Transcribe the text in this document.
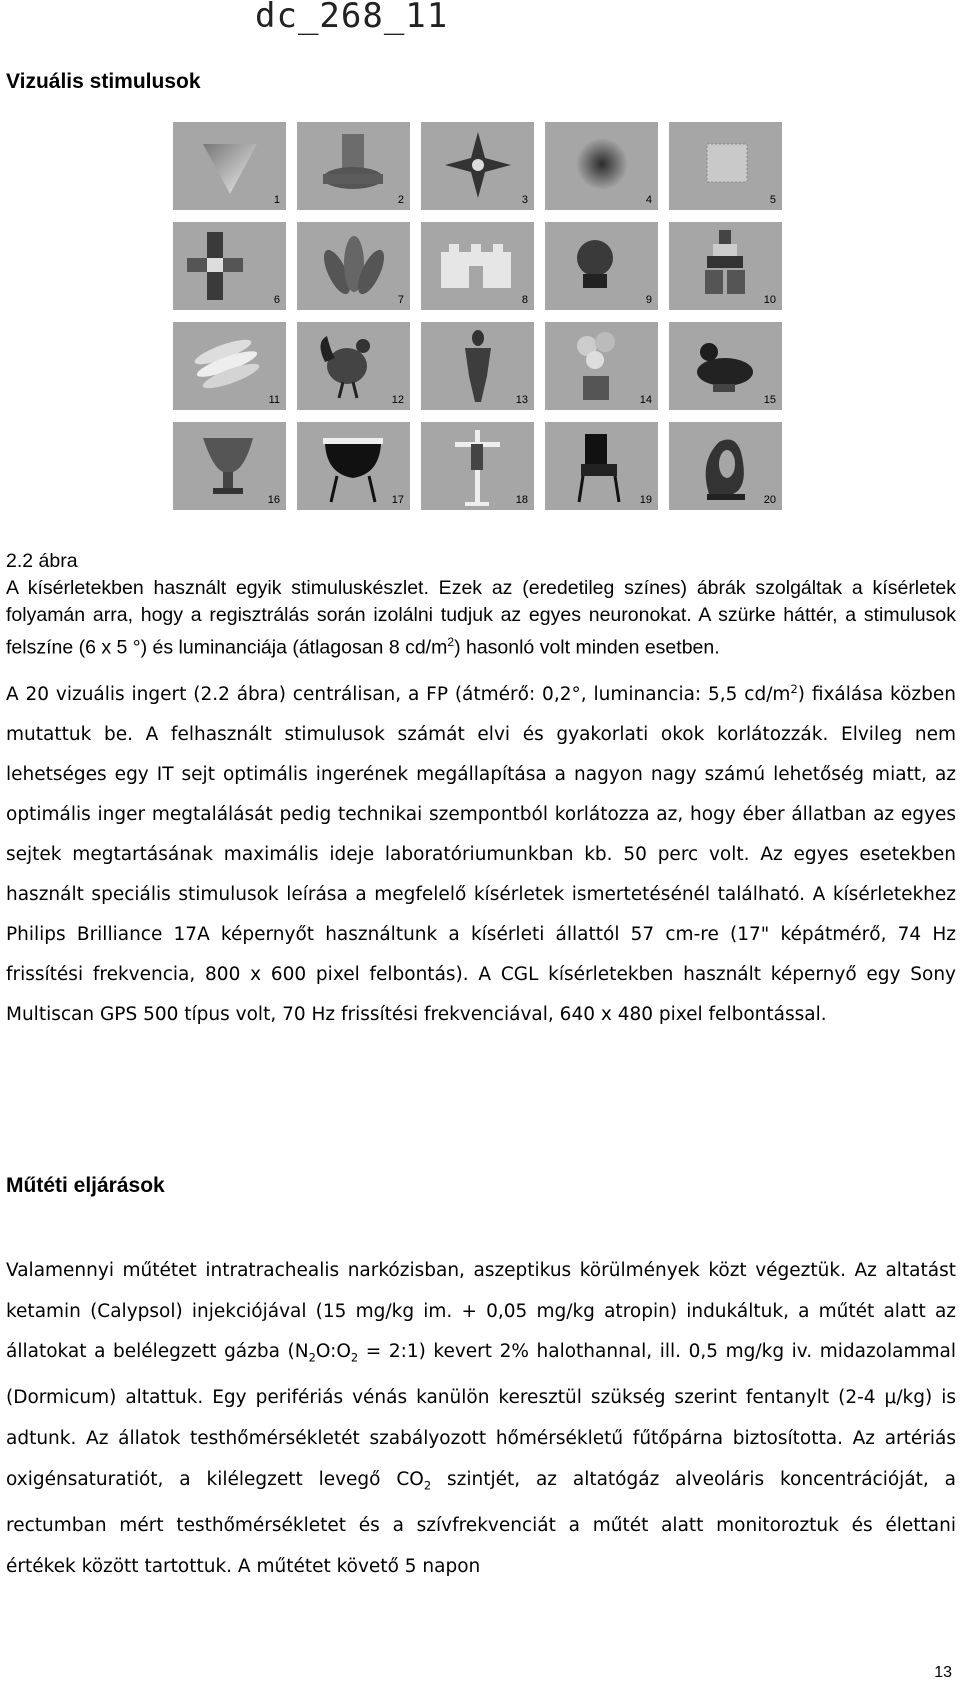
dc_268_11
Vizuális stimulusok
1	2	3	4	5
6	7	8	9	10
11	12	13	14	15
16	17	18	19	20

2.2 ábra

A kísérletekben használt egyik stimuluskészlet. Ezek az (eredetileg színes) ábrák szolgáltak a kísérletek folyamán arra, hogy a regisztrálás során izolálni tudjuk az egyes neuronokat. A szürke háttér, a stimulusok felszíne (6 x 5 °) és luminanciája (átlagosan 8 $cd/m^2$) hasonló volt minden esetben.

A 20 vizuális ingert (2.2 ábra) centrálisan, a FP (átmérő: 0,2°, luminancia: 5,5 $cd/m^2$) fixálása közben mutattuk be. A felhasznált stimulusok számát elvi és gyakorlati okok korlátozzák. Elvileg nem lehetséges egy IT sejt optimális ingerének megállapítása a nagyon nagy számú lehetőség miatt, az optimális inger megtalálását pedig technikai szempontból korlátozza az, hogy éber állatban az egyes sejtek megtartásának maximális ideje laboratóriumunkban kb. 50 perc volt. Az egyes esetekben használt speciális stimulusok leírása a megfelelő kísérletek ismertetésénél található. A kísérletekhez Philips Brilliance 17A képernyőt használtunk a kísérleti állattól 57 cm-re (17" képátmérő, 74 Hz frissítési frekvencia, 800 x 600 pixel felbontás). A CGL kísérletekben használt képernyő egy Sony Multiscan GPS 500 típus volt, 70 Hz frissítési frekvenciával, 640 x 480 pixel felbontással.
Műtéti eljárások
Valamennyi műtétet intratrachealis narkózisban, aszeptikus körülmények közt végeztük. Az altatást ketamin (Calypsol) injekciójával (15 mg/kg im. + 0,05 mg/kg atropin) indukáltuk, a műtét alatt az állatokat a belélegzett gázba ($N_2O:O_2$ = 2:1) kevert 2% halothannal, ill. 0,5 mg/kg iv. midazolammal (Dormicum) altattuk. Egy perifériás vénás kanülön keresztül szükség szerint fentanylt (2-4 μ/kg) is adtunk. Az állatok testhőmérsékletét szabályozott hőmérsékletű fűtőpárna biztosította. Az artériás oxigénsaturatiót, a kilélegzett levegő $CO_2$ szintjét, az altatógáz alveoláris koncentrációját, a rectumban mért testhőmérsékletet és a szívfrekvenciát a műtét alatt monitoroztuk és élettani értékek között tartottuk. A műtétet követő 5 napon
13
